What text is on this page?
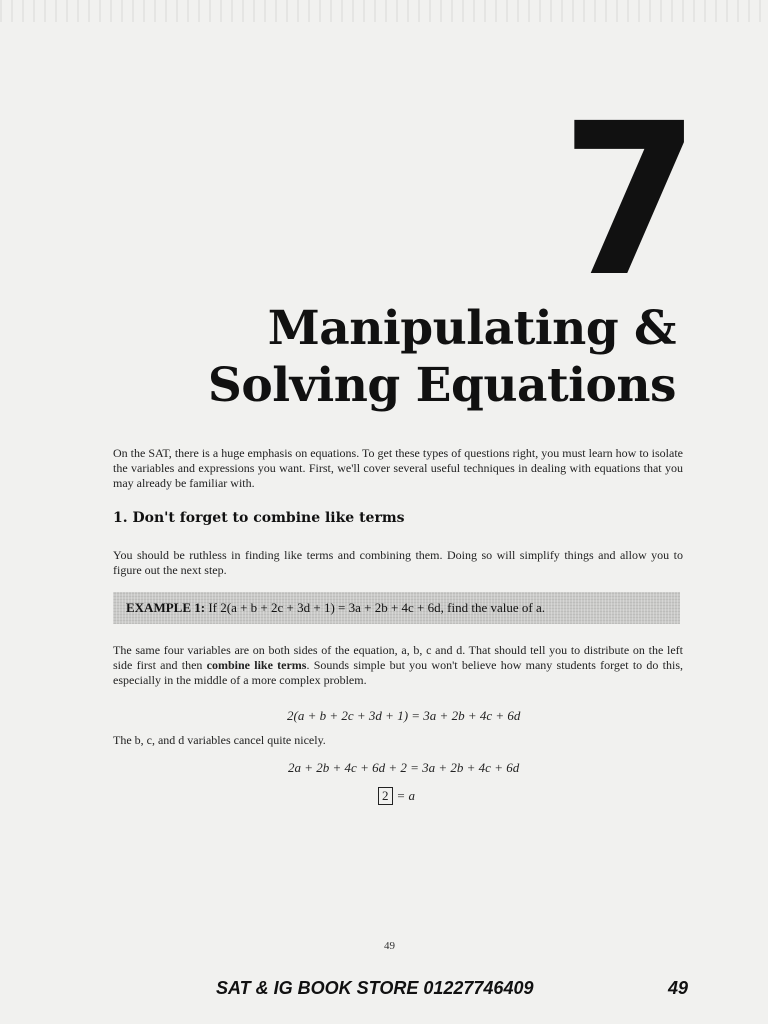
7
Manipulating &
Solving Equations

On the SAT, there is a huge emphasis on equations. To get these types of questions right, you must learn how to isolate the variables and expressions you want. First, we'll cover several useful techniques in dealing with equations that you may already be familiar with.

1. Don't forget to combine like terms

You should be ruthless in finding like terms and combining them. Doing so will simplify things and allow you to figure out the next step.

EXAMPLE 1: If 2(a + b + 2c + 3d + 1) = 3a + 2b + 4c + 6d, find the value of a.

The same four variables are on both sides of the equation, a, b, c and d. That should tell you to distribute on the left side first and then combine like terms. Sounds simple but you won't believe how many students forget to do this, especially in the middle of a more complex problem.

2(a + b + 2c + 3d + 1) = 3a + 2b + 4c + 6d

The b, c, and d variables cancel quite nicely.

2a + 2b + 4c + 6d + 2 = 3a + 2b + 4c + 6d
2 = a
49
SAT & IG BOOK STORE 01227746409	49
